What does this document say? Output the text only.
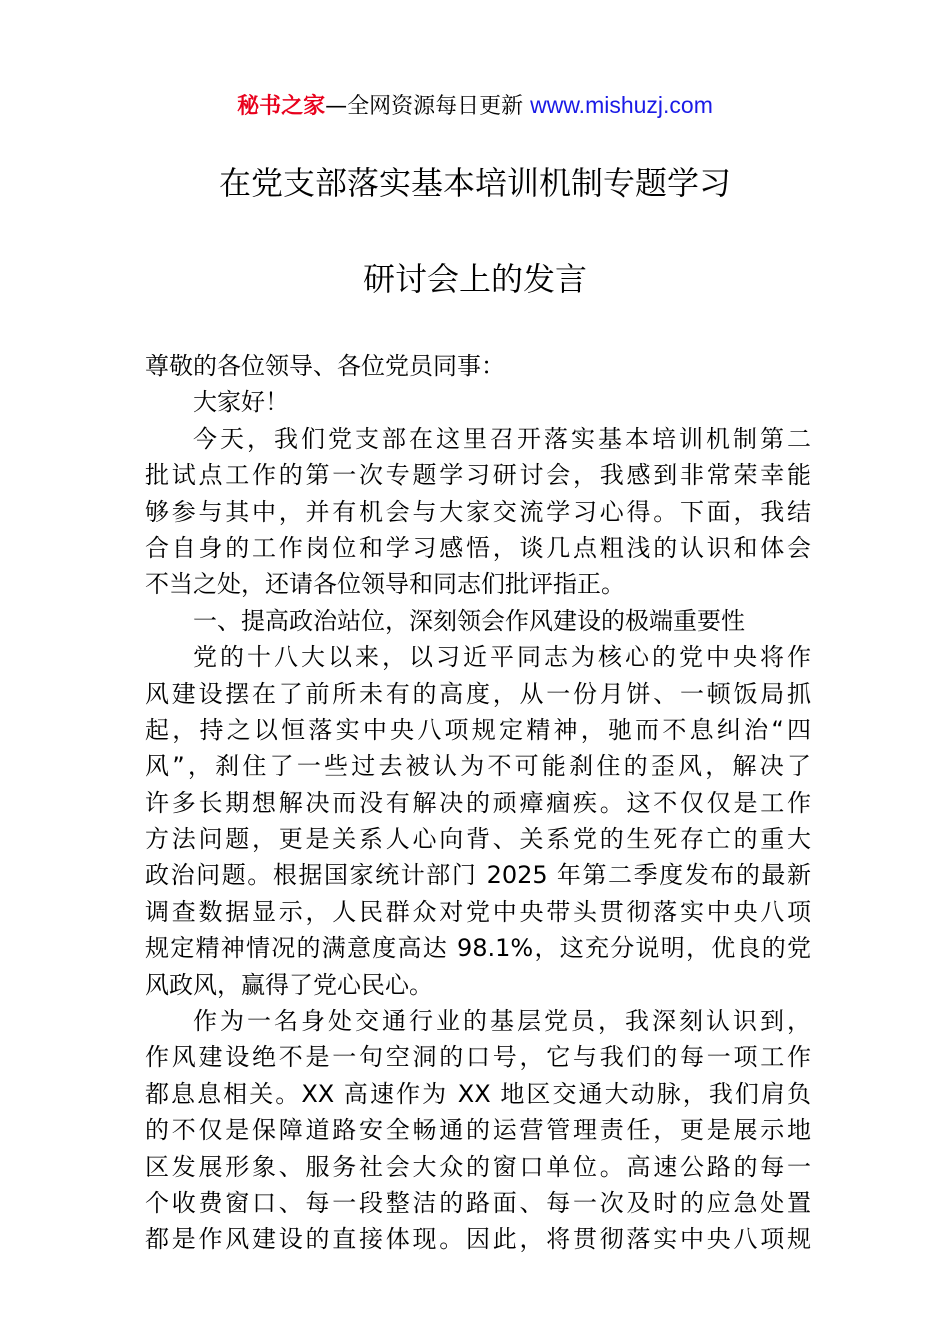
秘书之家—全网资源每日更新 www.mishuzj.com
在党支部落实基本培训机制专题学习
研讨会上的发言
尊敬的各位领导、各位党员同事：
大家好！
今天，我们党支部在这里召开落实基本培训机制第二
批试点工作的第一次专题学习研讨会，我感到非常荣幸能
够参与其中，并有机会与大家交流学习心得。下面，我结
合自身的工作岗位和学习感悟，谈几点粗浅的认识和体会
不当之处，还请各位领导和同志们批评指正。
一、提高政治站位，深刻领会作风建设的极端重要性
党的十八大以来，以习近平同志为核心的党中央将作
风建设摆在了前所未有的高度，从一份月饼、一顿饭局抓
起，持之以恒落实中央八项规定精神，驰而不息纠治“四
风”，刹住了一些过去被认为不可能刹住的歪风，解决了
许多长期想解决而没有解决的顽瘴痼疾。这不仅仅是工作
方法问题，更是关系人心向背、关系党的生死存亡的重大
政治问题。根据国家统计部门 2025 年第二季度发布的最新
调查数据显示，人民群众对党中央带头贯彻落实中央八项
规定精神情况的满意度高达 98.1%，这充分说明，优良的党
风政风，赢得了党心民心。
作为一名身处交通行业的基层党员，我深刻认识到，
作风建设绝不是一句空洞的口号，它与我们的每一项工作
都息息相关。XX 高速作为 XX 地区交通大动脉，我们肩负
的不仅是保障道路安全畅通的运营管理责任，更是展示地
区发展形象、服务社会大众的窗口单位。高速公路的每一
个收费窗口、每一段整洁的路面、每一次及时的应急处置
都是作风建设的直接体现。因此，将贯彻落实中央八项规
